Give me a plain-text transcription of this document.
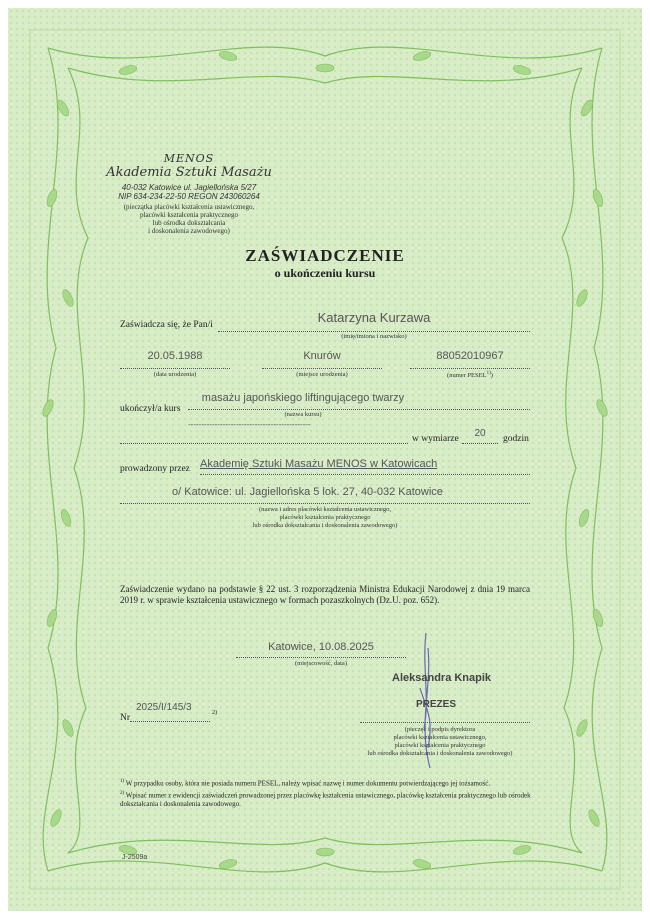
MENOS
Akademia Sztuki Masażu
40-032 Katowice ul. Jagiellońska 5/27
NIP 634-234-22-50 REGON 243060264
(pieczątka placówki kształcenia ustawicznego,
placówki kształcenia praktycznego
lub ośrodka dokształcania
i doskonalenia zawodowego)
ZAŚWIADCZENIE
o ukończeniu kursu
Zaświadcza się, że Pan/i	Katarzyna Kurzawa
(imię/imiona i nazwisko)
20.05.1988
(data urodzenia)
Knurów
(miejsce urodzenia)
88052010967
(numer PESEL$^{1)}$)
ukończył/a kurs
masażu japońskiego liftingującego twarzy
(nazwa kursu)
----------------------------------------------
w wymiarze	20	godzin
prowadzony przez Akademię Sztuki Masażu MENOS w Katowicach
o/ Katowice: ul. Jagiellońska 5 lok. 27, 40-032 Katowice
(nazwa i adres placówki kształcenia ustawicznego,
placówki kształcenia praktycznego
lub ośrodka dokształcania i doskonalenia zawodowego)
Zaświadczenie wydano na podstawie § 22 ust. 3 rozporządzenia Ministra Edukacji Narodowej z dnia 19 marca 2019 r. w sprawie kształcenia ustawicznego w formach pozaszkolnych (Dz.U. poz. 652).
Katowice, 10.08.2025
(miejscowość, data)
Aleksandra Knapik
PREZES
(pieczęć i podpis dyrektora
placówki kształcenia ustawicznego,
placówki kształcenia praktycznego
lub ośrodka dokształcania i doskonalenia zawodowego)
Nr
2025/I/145/3	2)
$^{1)}$ W przypadku osoby, która nie posiada numeru PESEL, należy wpisać nazwę i numer dokumentu potwierdzającego jej tożsamość.
$^{2)}$ Wpisać numer z ewidencji zaświadczeń prowadzonej przez placówkę kształcenia ustawicznego, placówkę kształcenia praktycznego lub ośrodek dokształcania i doskonalenia zawodowego.
J-2509a
